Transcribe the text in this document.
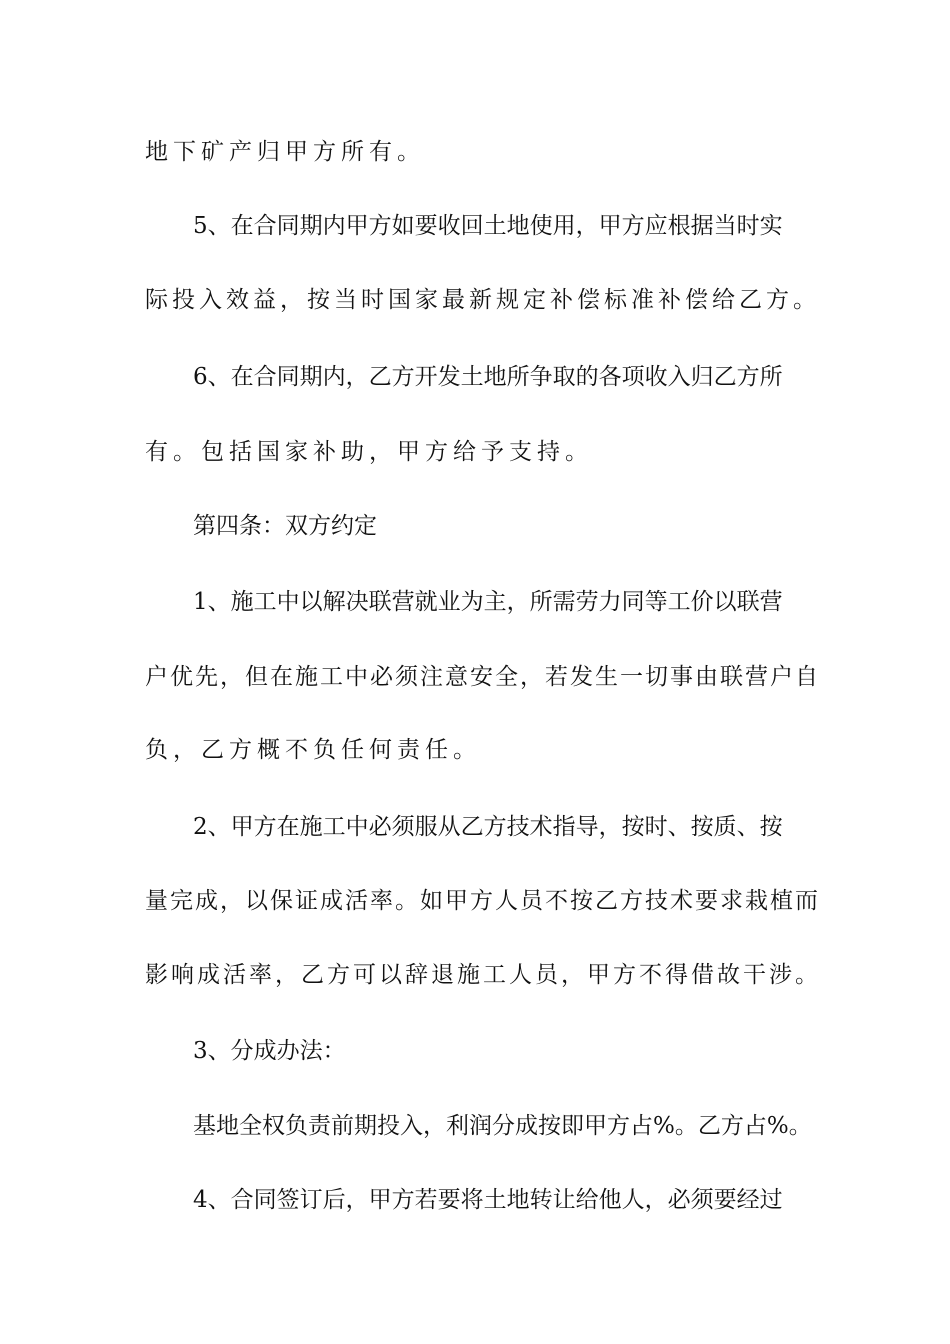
地下矿产归甲方所有。
5、在合同期内甲方如要收回土地使用，甲方应根据当时实
际投入效益，按当时国家最新规定补偿标准补偿给乙方。
6、在合同期内，乙方开发土地所争取的各项收入归乙方所
有。包括国家补助，甲方给予支持。
第四条：双方约定
1、施工中以解决联营就业为主，所需劳力同等工价以联营
户优先，但在施工中必须注意安全，若发生一切事由联营户自
负，乙方概不负任何责任。
2、甲方在施工中必须服从乙方技术指导，按时、按质、按
量完成，以保证成活率。如甲方人员不按乙方技术要求栽植而
影响成活率，乙方可以辞退施工人员，甲方不得借故干涉。
3、分成办法：
基地全权负责前期投入，利润分成按即甲方占%。乙方占%。
4、合同签订后，甲方若要将土地转让给他人，必须要经过
